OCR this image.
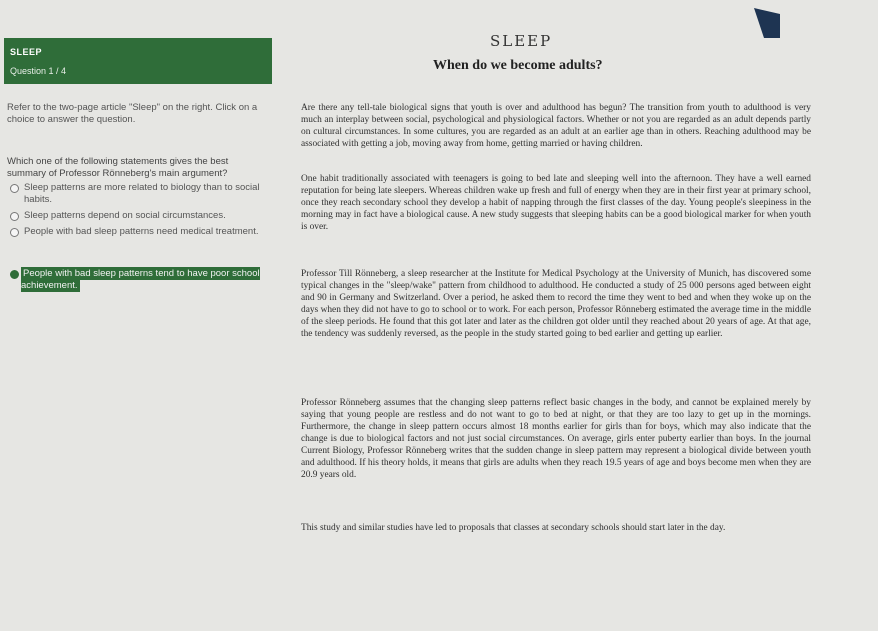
SLEEP
Question 1 / 4
Refer to the two-page article "Sleep" on the right. Click on a choice to answer the question.
Which one of the following statements gives the best summary of Professor Rönneberg's main argument?
Sleep patterns are more related to biology than to social habits.
Sleep patterns depend on social circumstances.
People with bad sleep patterns need medical treatment.
People with bad sleep patterns tend to have poor school achievement.
SLEEP
When do we become adults?
Are there any tell-tale biological signs that youth is over and adulthood has begun? The transition from youth to adulthood is very much an interplay between social, psychological and physiological factors. Whether or not you are regarded as an adult depends partly on cultural circumstances. In some cultures, you are regarded as an adult at an earlier age than in others. Reaching adulthood may be associated with getting a job, moving away from home, getting married or having children.
One habit traditionally associated with teenagers is going to bed late and sleeping well into the afternoon. They have a well earned reputation for being late sleepers. Whereas children wake up fresh and full of energy when they are in their first year at primary school, once they reach secondary school they develop a habit of napping through the first classes of the day. Young people's sleepiness in the morning may in fact have a biological cause. A new study suggests that sleeping habits can be a good biological marker for when youth is over.
Professor Till Rönneberg, a sleep researcher at the Institute for Medical Psychology at the University of Munich, has discovered some typical changes in the "sleep/wake" pattern from childhood to adulthood. He conducted a study of 25 000 persons aged between eight and 90 in Germany and Switzerland. Over a period, he asked them to record the time they went to bed and when they woke up on the days when they did not have to go to school or to work. For each person, Professor Rönneberg estimated the average time in the middle of the sleep periods. He found that this got later and later as the children got older until they reached about 20 years of age. At that age, the tendency was suddenly reversed, as the people in the study started going to bed earlier and getting up earlier.
Professor Rönneberg assumes that the changing sleep patterns reflect basic changes in the body, and cannot be explained merely by saying that young people are restless and do not want to go to bed at night, or that they are too lazy to get up in the mornings. Furthermore, the change in sleep pattern occurs almost 18 months earlier for girls than for boys, which may also indicate that the change is due to biological factors and not just social circumstances. On average, girls enter puberty earlier than boys. In the journal Current Biology, Professor Rönneberg writes that the sudden change in sleep pattern may represent a biological divide between youth and adulthood. If his theory holds, it means that girls are adults when they reach 19.5 years of age and boys become men when they are 20.9 years old.
This study and similar studies have led to proposals that classes at secondary schools should start later in the day.
